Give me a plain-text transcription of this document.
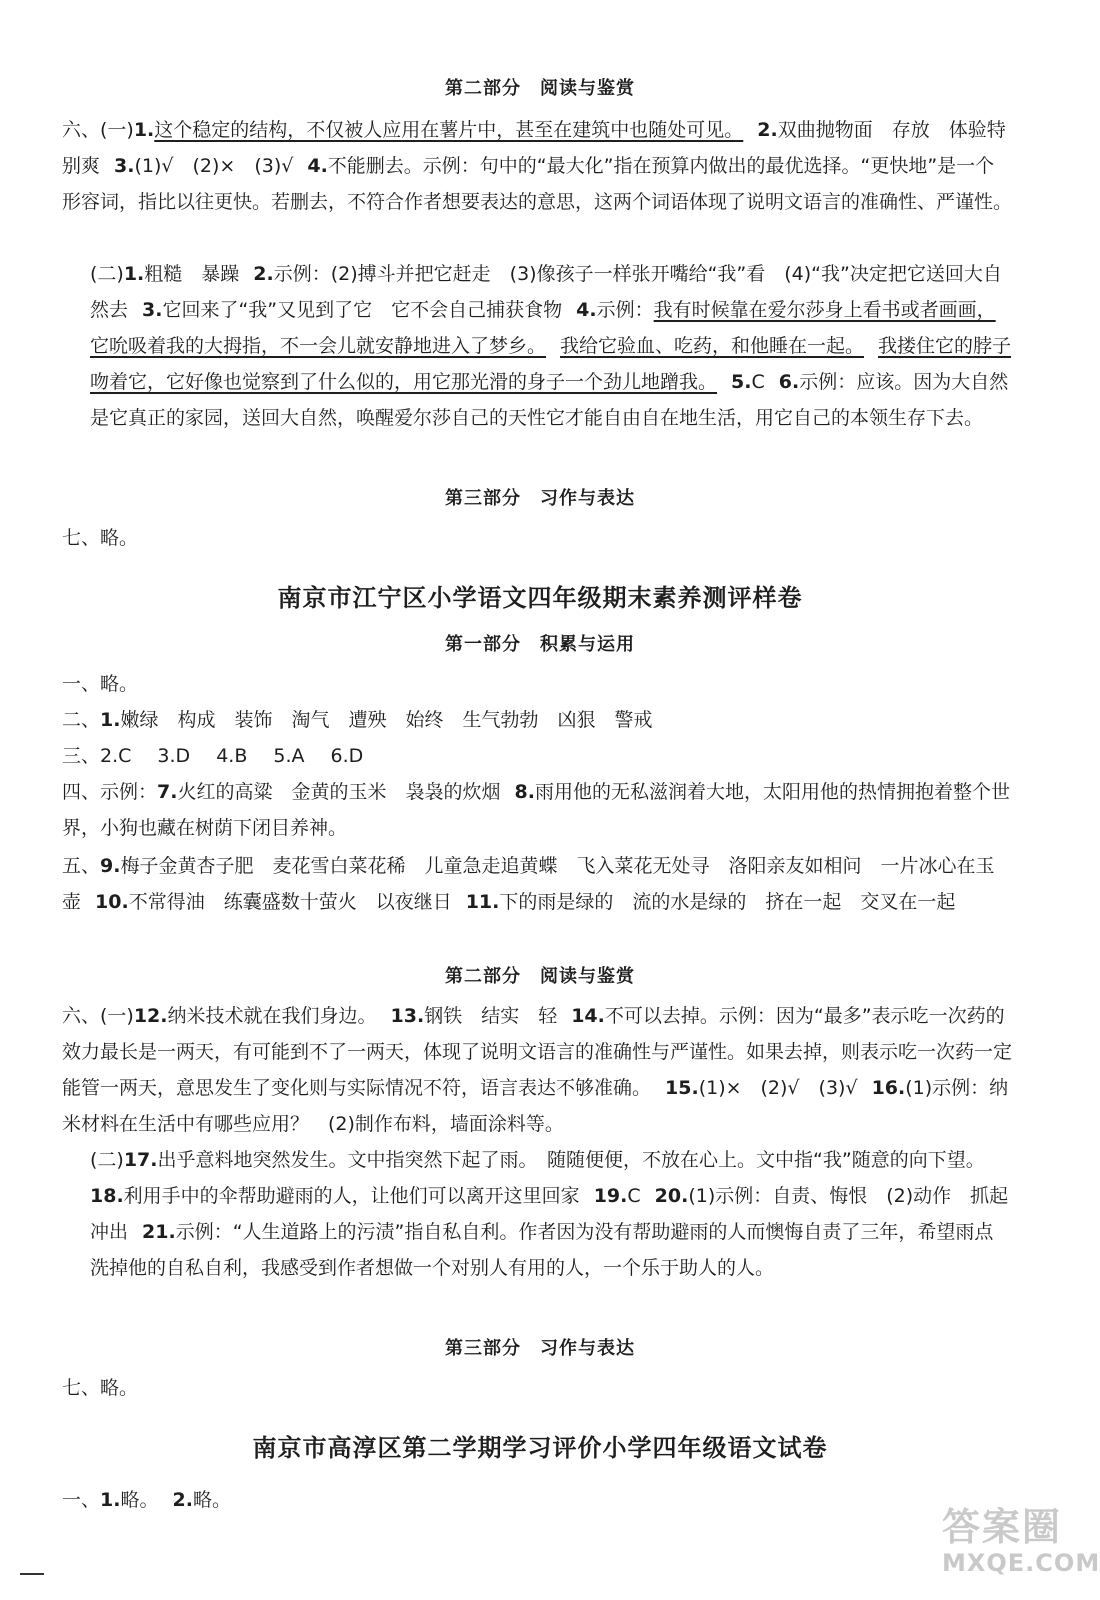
第二部分　阅读与鉴赏
六、(一)1.这个稳定的结构，不仅被人应用在薯片中，甚至在建筑中也随处可见。 2.双曲抛物面　存放　体验特别爽 3.(1)√　(2)×　(3)√ 4.不能删去。示例：句中的“最大化”指在预算内做出的最优选择。“更快地”是一个形容词，指比以往更快。若删去，不符合作者想要表达的意思，这两个词语体现了说明文语言的准确性、严谨性。
(二)1.粗糙　暴躁 2.示例：(2)搏斗并把它赶走　(3)像孩子一样张开嘴给“我”看　(4)“我”决定把它送回大自然去 3.它回来了“我”又见到了它　它不会自己捕获食物 4.示例：我有时候靠在爱尔莎身上看书或者画画，它吮吸着我的大拇指，不一会儿就安静地进入了梦乡。 我给它验血、吃药，和他睡在一起。 我搂住它的脖子吻着它，它好像也觉察到了什么似的，用它那光滑的身子一个劲儿地蹭我。 5.C 6.示例：应该。因为大自然是它真正的家园，送回大自然，唤醒爱尔莎自己的天性它才能自由自在地生活，用它自己的本领生存下去。
第三部分　习作与表达
七、略。
南京市江宁区小学语文四年级期末素养测评样卷
第一部分　积累与运用
一、略。
二、1.嫩绿　构成　装饰　淘气　遭殃　始终　生气勃勃　凶狠　警戒
三、2.C 3.D 4.B 5.A 6.D
四、示例：7.火红的高粱　金黄的玉米　袅袅的炊烟 8.雨用他的无私滋润着大地，太阳用他的热情拥抱着整个世界，小狗也藏在树荫下闭目养神。
五、9.梅子金黄杏子肥　麦花雪白菜花稀　儿童急走追黄蝶　飞入菜花无处寻　洛阳亲友如相问　一片冰心在玉壶 10.不常得油　练囊盛数十萤火　以夜继日 11.下的雨是绿的　流的水是绿的　挤在一起　交叉在一起
第二部分　阅读与鉴赏
六、(一)12.纳米技术就在我们身边。 13.钢铁　结实　轻 14.不可以去掉。示例：因为“最多”表示吃一次药的效力最长是一两天，有可能到不了一两天，体现了说明文语言的准确性与严谨性。如果去掉，则表示吃一次药一定能管一两天，意思发生了变化则与实际情况不符，语言表达不够准确。 15.(1)×　(2)√　(3)√ 16.(1)示例：纳米材料在生活中有哪些应用？　(2)制作布料，墙面涂料等。
(二)17.出乎意料地突然发生。文中指突然下起了雨。　随随便便，不放在心上。文中指“我”随意的向下望。18.利用手中的伞帮助避雨的人，让他们可以离开这里回家 19.C 20.(1)示例：自责、悔恨　(2)动作　抓起　冲出 21.示例：“人生道路上的污渍”指自私自利。作者因为没有帮助避雨的人而懊悔自责了三年，希望雨点洗掉他的自私自利，我感受到作者想做一个对别人有用的人，一个乐于助人的人。
第三部分　习作与表达
七、略。
南京市高淳区第二学期学习评价小学四年级语文试卷
一、1.略。 2.略。
答案圈
MXQE.COM
